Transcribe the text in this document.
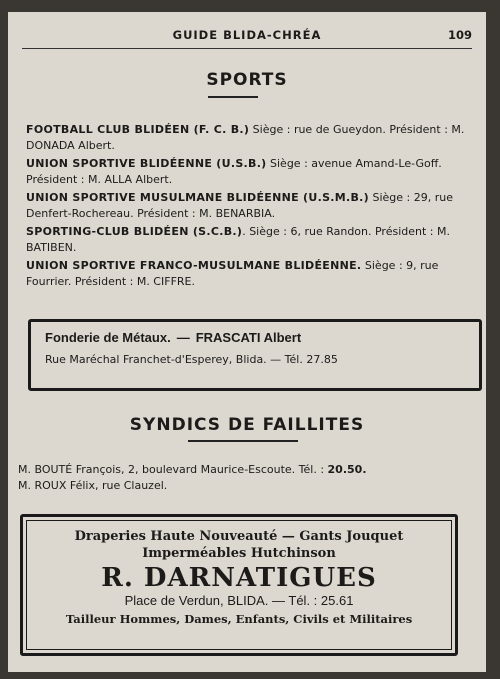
GUIDE BLIDA-CHRÉA	109
SPORTS
FOOTBALL CLUB BLIDÉEN (F. C. B.) Siège : rue de Gueydon. Président : M. DONADA Albert.
UNION SPORTIVE BLIDÉENNE (U.S.B.) Siège : avenue Amand-Le-Goff. Président : M. ALLA Albert.
UNION SPORTIVE MUSULMANE BLIDÉENNE (U.S.M.B.) Siège : 29, rue Denfert-Rochereau. Président : M. BENARBIA.
SPORTING-CLUB BLIDÉEN (S.C.B.). Siège : 6, rue Randon. Président : M. BATIBEN.
UNION SPORTIVE FRANCO-MUSULMANE BLIDÉENNE. Siège : 9, rue Fourrier. Président : M. CIFFRE.
Fonderie de Métaux. — FRASCATI Albert
Rue Maréchal Franchet-d'Esperey, Blida. — Tél. 27.85
SYNDICS DE FAILLITES
M. BOUTÉ François, 2, boulevard Maurice-Escoute. Tél. : 20.50.
M. ROUX Félix, rue Clauzel.
Draperies Haute Nouveauté — Gants Jouquet
Imperméables Hutchinson
R. DARNATIGUES
Place de Verdun, BLIDA. — Tél. : 25.61
Tailleur Hommes, Dames, Enfants, Civils et Militaires
